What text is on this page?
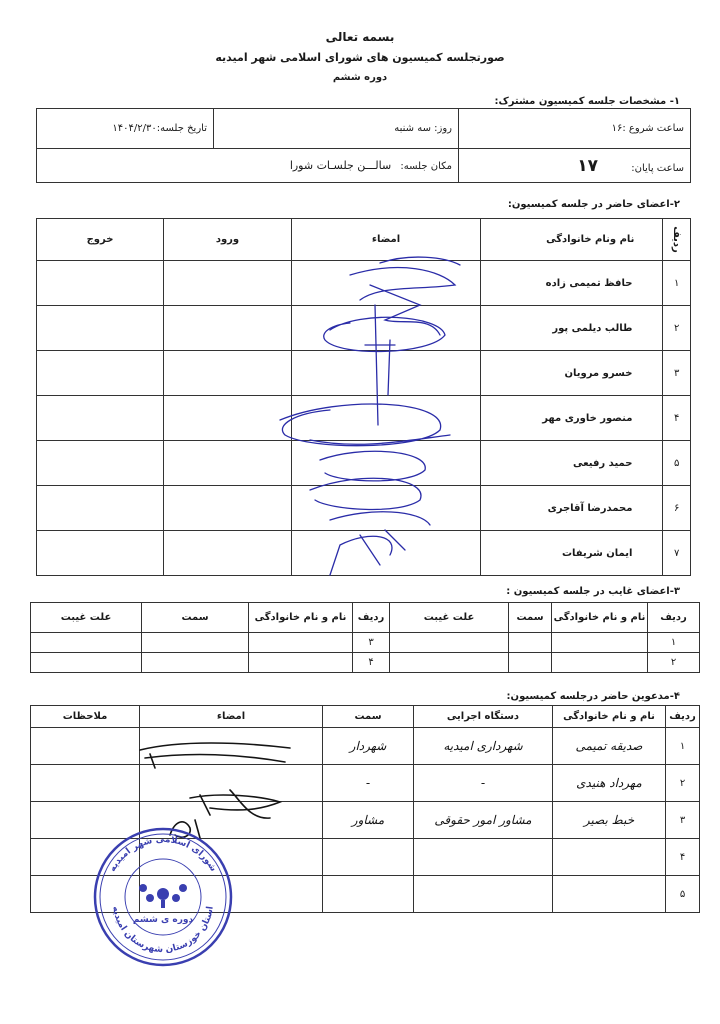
بسمه تعالی
صورتجلسه کمیسیون های شورای اسلامی شهر امیدیه
دوره ششم
۱- مشخصات جلسه کمیسیون مشترک:
تاریخ جلسه:۱۴۰۴/۲/۳۰	روز: سه شنبه	ساعت شروع :۱۶
مکان جلسه: سالـــن جلسـات شورا		ساعت پایان: ۱۷
۲-اعضای حاضر در جلسه کمیسیون:
خروج	ورود	امضاء	نام ونام خانوادگی	ردیف
			حافظ تمیمی زاده	۱
			طالب دیلمی پور	۲
			خسرو مرویان	۳
			منصور خاوری مهر	۴
			حمید رفیعی	۵
			محمدرضا آقاجری	۶
			ایمان شریفات	۷
۳-اعضای غایب در جلسه کمیسیون :
علت غیبت	سمت	نام و نام خانوادگی	ردیف	علت غیبت	سمت	نام و نام خانوادگی	ردیف
			۳				۱
			۴				۲
۴-مدعوین حاضر درجلسه کمیسیون:
ملاحظات	امضاء	سمت	دستگاه اجرایی	نام و نام خانوادگی	ردیف
		شهردار	شهرداری امیدیه	صدیقه تمیمی	۱
		-	-	مهرداد هنیدی	۲
		مشاور	مشاور امور حقوقی	خبط بصیر	۳
					۴
					۵
شورای اسلامی شهر امیدیه
استان خوزستان شهرستان امیدیه
دوره ی ششم
